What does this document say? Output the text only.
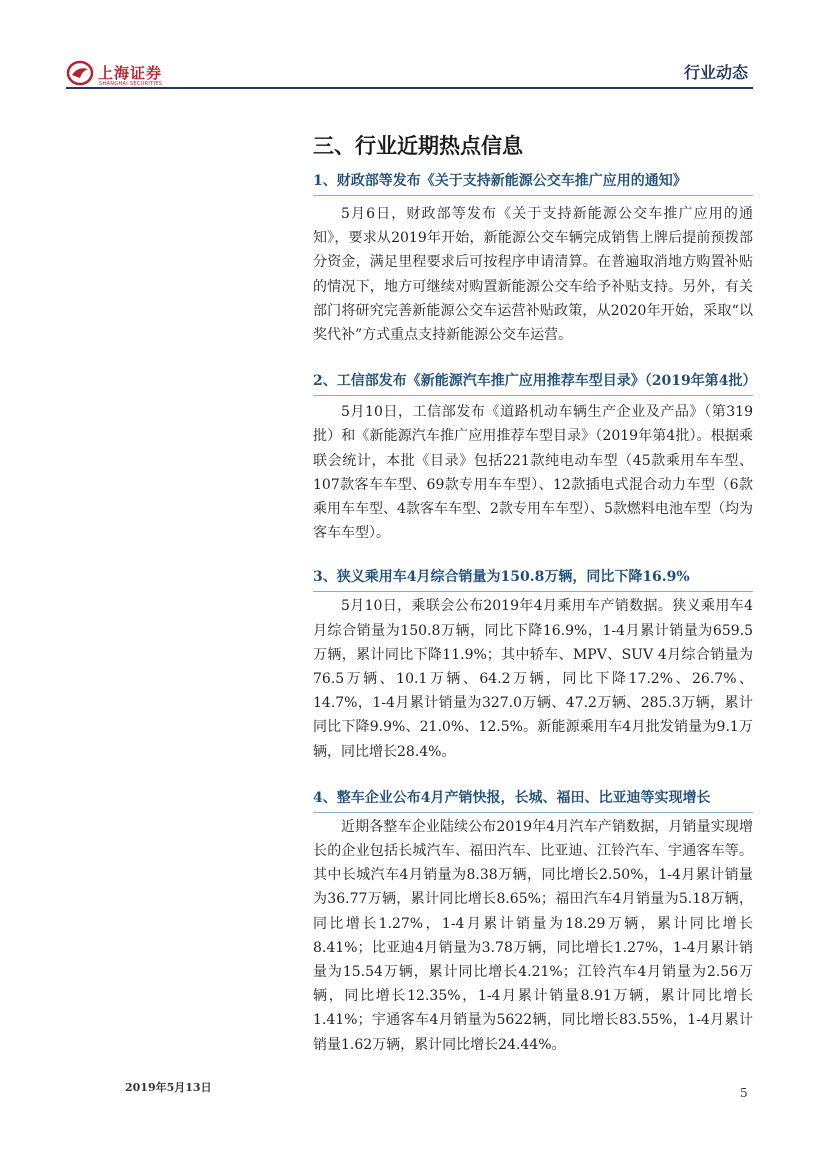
上海证券
SHANGHAI SECURITIES
行业动态
三、行业近期热点信息
1、财政部等发布《关于支持新能源公交车推广应用的通知》

5月6日，财政部等发布《关于支持新能源公交车推广应用的通知》，要求从2019年开始，新能源公交车辆完成销售上牌后提前预拨部分资金，满足里程要求后可按程序申请清算。在普遍取消地方购置补贴的情况下，地方可继续对购置新能源公交车给予补贴支持。另外，有关部门将研究完善新能源公交车运营补贴政策，从2020年开始，采取“以奖代补”方式重点支持新能源公交车运营。

2、工信部发布《新能源汽车推广应用推荐车型目录》（2019年第4批）

5月10日，工信部发布《道路机动车辆生产企业及产品》（第319批）和《新能源汽车推广应用推荐车型目录》（2019年第4批）。根据乘联会统计，本批《目录》包括221款纯电动车型（45款乘用车车型、107款客车车型、69款专用车车型）、12款插电式混合动力车型（6款乘用车车型、4款客车车型、2款专用车车型）、5款燃料电池车型（均为客车车型）。

3、狭义乘用车4月综合销量为150.8万辆，同比下降16.9%

5月10日，乘联会公布2019年4月乘用车产销数据。狭义乘用车4月综合销量为150.8万辆，同比下降16.9%，1-4月累计销量为659.5万辆，累计同比下降11.9%；其中轿车、MPV、SUV 4月综合销量为76.5万辆、10.1万辆、64.2万辆，同比下降17.2%、26.7%、14.7%，1-4月累计销量为327.0万辆、47.2万辆、285.3万辆，累计同比下降9.9%、21.0%、12.5%。新能源乘用车4月批发销量为9.1万辆，同比增长28.4%。

4、整车企业公布4月产销快报，长城、福田、比亚迪等实现增长

近期各整车企业陆续公布2019年4月汽车产销数据，月销量实现增长的企业包括长城汽车、福田汽车、比亚迪、江铃汽车、宇通客车等。其中长城汽车4月销量为8.38万辆，同比增长2.50%，1-4月累计销量为36.77万辆，累计同比增长8.65%；福田汽车4月销量为5.18万辆，同比增长1.27%，1-4月累计销量为18.29万辆，累计同比增长8.41%；比亚迪4月销量为3.78万辆，同比增长1.27%，1-4月累计销量为15.54万辆，累计同比增长4.21%；江铃汽车4月销量为2.56万辆，同比增长12.35%，1-4月累计销量8.91万辆，累计同比增长1.41%；宇通客车4月销量为5622辆，同比增长83.55%，1-4月累计销量1.62万辆，累计同比增长24.44%。

2019年5月13日	5
